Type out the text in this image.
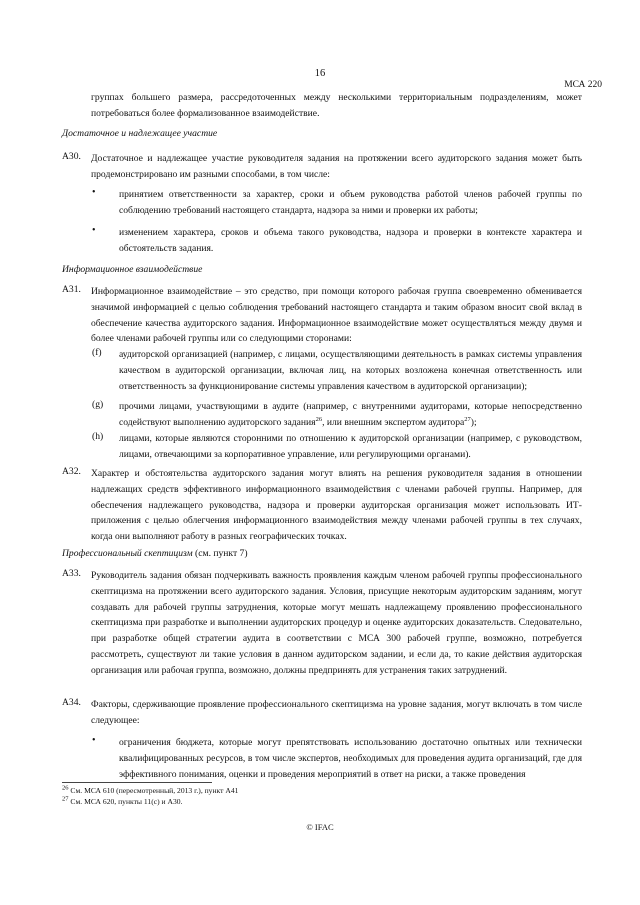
16
МСА 220
группах большего размера, рассредоточенных между несколькими территориальным подразделениям, может потребоваться более формализованное взаимодействие.
Достаточное и надлежащее участие
A30. Достаточное и надлежащее участие руководителя задания на протяжении всего аудиторского задания может быть продемонстрировано им разными способами, в том числе:
• принятием ответственности за характер, сроки и объем руководства работой членов рабочей группы по соблюдению требований настоящего стандарта, надзора за ними и проверки их работы;
• изменением характера, сроков и объема такого руководства, надзора и проверки в контексте характера и обстоятельств задания.
Информационное взаимодействие
A31. Информационное взаимодействие – это средство, при помощи которого рабочая группа своевременно обменивается значимой информацией с целью соблюдения требований настоящего стандарта и таким образом вносит свой вклад в обеспечение качества аудиторского задания. Информационное взаимодействие может осуществляться между двумя и более членами рабочей группы или со следующими сторонами:
(f) аудиторской организацией (например, с лицами, осуществляющими деятельность в рамках системы управления качеством в аудиторской организации, включая лиц, на которых возложена конечная ответственность или ответственность за функционирование системы управления качеством в аудиторской организации);
(g) прочими лицами, участвующими в аудите (например, с внутренними аудиторами, которые непосредственно содействуют выполнению аудиторского задания$^{26}$, или внешним экспертом аудитора$^{27}$);
(h) лицами, которые являются сторонними по отношению к аудиторской организации (например, с руководством, лицами, отвечающими за корпоративное управление, или регулирующими органами).
A32. Характер и обстоятельства аудиторского задания могут влиять на решения руководителя задания в отношении надлежащих средств эффективного информационного взаимодействия с членами рабочей группы. Например, для обеспечения надлежащего руководства, надзора и проверки аудиторская организация может использовать ИТ-приложения с целью облегчения информационного взаимодействия между членами рабочей группы в тех случаях, когда они выполняют работу в разных географических точках.
Профессиональный скептицизм (см. пункт 7)
A33. Руководитель задания обязан подчеркивать важность проявления каждым членом рабочей группы профессионального скептицизма на протяжении всего аудиторского задания. Условия, присущие некоторым аудиторским заданиям, могут создавать для рабочей группы затруднения, которые могут мешать надлежащему проявлению профессионального скептицизма при разработке и выполнении аудиторских процедур и оценке аудиторских доказательств. Следовательно, при разработке общей стратегии аудита в соответствии с МСА 300 рабочей группе, возможно, потребуется рассмотреть, существуют ли такие условия в данном аудиторском задании, и если да, то какие действия аудиторская организация или рабочая группа, возможно, должны предпринять для устранения таких затруднений.
A34. Факторы, сдерживающие проявление профессионального скептицизма на уровне задания, могут включать в том числе следующее:
• ограничения бюджета, которые могут препятствовать использованию достаточно опытных или технически квалифицированных ресурсов, в том числе экспертов, необходимых для проведения аудита организаций, где для эффективного понимания, оценки и проведения мероприятий в ответ на риски, а также проведения
$^{26}$ См. МСА 610 (пересмотренный, 2013 г.), пункт A41
$^{27}$ См. МСА 620, пункты 11(c) и A30.
© IFAC
